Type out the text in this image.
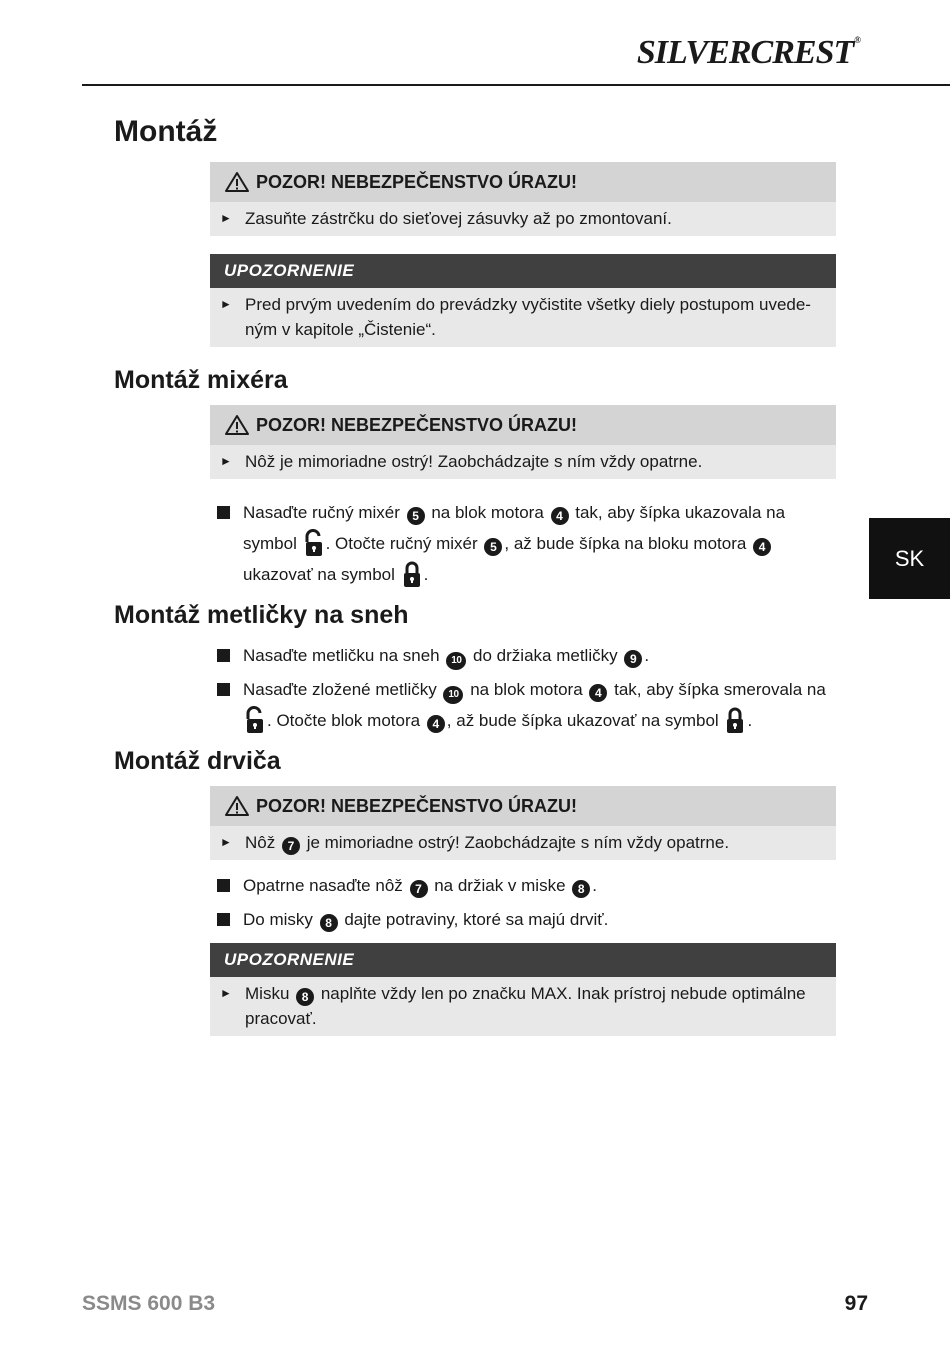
SILVERCREST®
SK
Montáž
POZOR! NEBEZPEČENSTVO ÚRAZU!
► Zasuňte zástrčku do sieťovej zásuvky až po zmontovaní.
UPOZORNENIE
► Pred prvým uvedením do prevádzky vyčistite všetky diely postupom uvede-
ným v kapitole „Čistenie“.
Montáž mixéra
POZOR! NEBEZPEČENSTVO ÚRAZU!
► Nôž je mimoriadne ostrý! Zaobchádzajte s ním vždy opatrne.
Nasaďte ručný mixér 5 na blok motora 4 tak, aby šípka ukazovala na symbol . Otočte ručný mixér 5 , až bude šípka na bloku motora 4 ukazovať na symbol .
Montáž metličky na sneh
Nasaďte metličku na sneh 10 do držiaka metličky 9 .
Nasaďte zložené metličky 10 na blok motora 4 tak, aby šípka smerovala na . Otočte blok motora 4 , až bude šípka ukazovať na symbol .
Montáž drviča
POZOR! NEBEZPEČENSTVO ÚRAZU!
► Nôž 7 je mimoriadne ostrý! Zaobchádzajte s ním vždy opatrne.
Opatrne nasaďte nôž 7 na držiak v miske 8 .
Do misky 8 dajte potraviny, ktoré sa majú drviť.
UPOZORNENIE
► Misku 8 naplňte vždy len po značku MAX. Inak prístroj nebude optimálne pracovať.
SSMS 600 B3	97
